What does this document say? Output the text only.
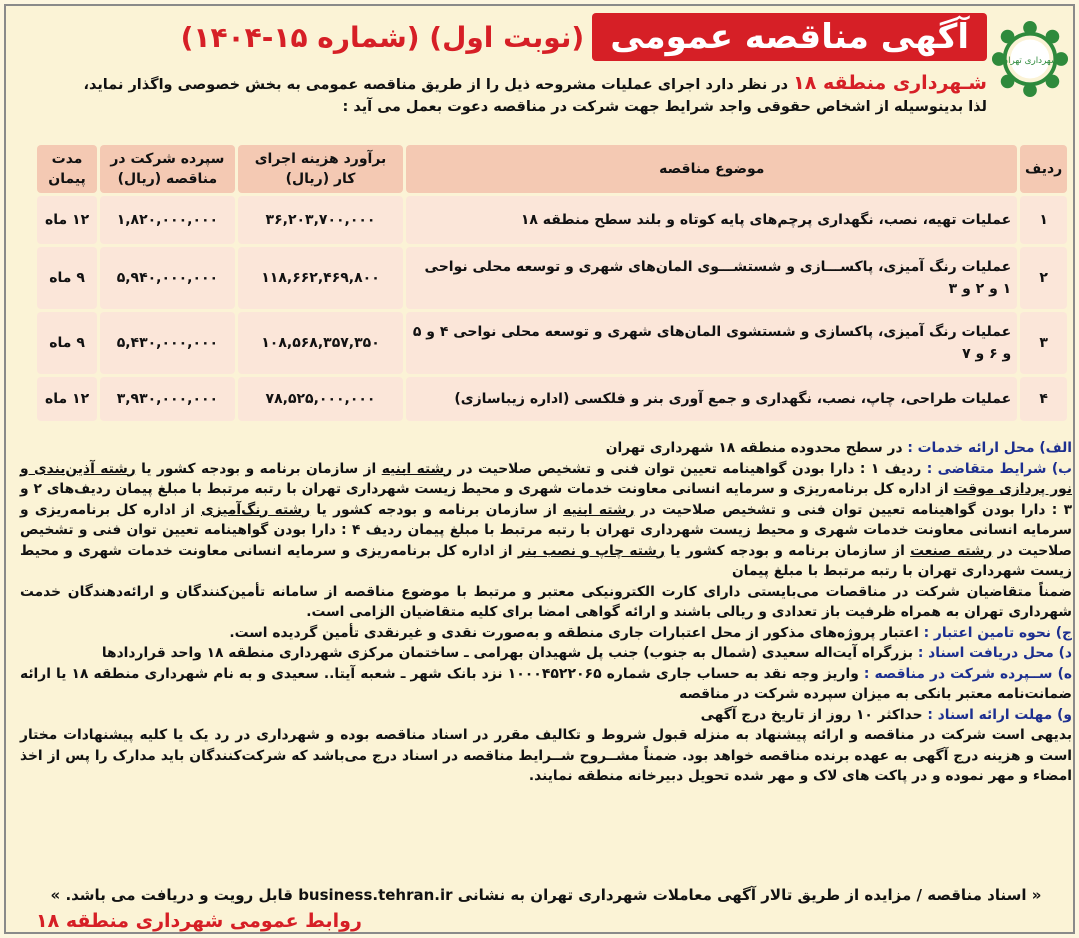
شهرداری تهران
آگهی مناقصه عمومی
(شماره ۱۵-۱۴۰۴) (نوبت اول)
شـهرداری منطقه ۱۸ در نظر دارد اجرای عملیات مشروحه ذیل را از طریق مناقصه عمومی به بخش خصوصی واگذار نماید،
لذا بدینوسیله از اشخاص حقوقی واجد شرایط جهت شرکت در مناقصه دعوت بعمل می آید :
ردیف	موضوع مناقصه	برآورد هزینه اجرای کار (ریال)	سپرده شرکت در مناقصه (ریال)	مدت پیمان
۱	عملیات تهیه، نصب، نگهداری پرچم‌های پایه کوتاه و بلند سطح منطقه ۱۸	۳۶,۲۰۳,۷۰۰,۰۰۰	۱,۸۲۰,۰۰۰,۰۰۰	۱۲ ماه
۲	عملیات رنگ آمیزی، پاکســـازی و شستشـــوی المان‌های شهری و توسعه محلی نواحی ۱ و ۲ و ۳	۱۱۸,۶۶۲,۴۶۹,۸۰۰	۵,۹۴۰,۰۰۰,۰۰۰	۹ ماه
۳	عملیات رنگ آمیزی، پاکسازی و شستشوی المان‌های شهری و توسعه محلی نواحی ۴ و ۵ و ۶ و ۷	۱۰۸,۵۶۸,۳۵۷,۳۵۰	۵,۴۳۰,۰۰۰,۰۰۰	۹ ماه
۴	عملیات طراحی، چاپ، نصب، نگهداری و جمع آوری بنر و فلکسی (اداره زیباسازی)	۷۸,۵۲۵,۰۰۰,۰۰۰	۳,۹۳۰,۰۰۰,۰۰۰	۱۲ ماه

الف) محل ارائه خدمات : در سطح محدوده منطقه ۱۸ شهرداری تهران

ب) شرایط متقاضی : ردیف ۱ : دارا بودن گواهینامه تعیین توان فنی و تشخیص صلاحیت در رشته ابنیه از سازمان برنامه و بودجه کشور یا رشته آذین‌بندی و نور پردازی موقت از اداره کل برنامه‌ریزی و سرمایه انسانی معاونت خدمات شهری و محیط زیست شهرداری تهران با رتبه مرتبط با مبلغ پیمان ردیف‌های ۲ و ۳ : دارا بودن گواهینامه تعیین توان فنی و تشخیص صلاحیت در رشته ابنیه از سازمان برنامه و بودجه کشور یا رشته رنگ‌آمیزی از اداره کل برنامه‌ریزی و سرمایه انسانی معاونت خدمات شهری و محیط زیست شهرداری تهران با رتبه مرتبط با مبلغ پیمان ردیف ۴ : دارا بودن گواهینامه تعیین توان فنی و تشخیص صلاحیت در رشته صنعت از سازمان برنامه و بودجه کشور یا رشته چاپ و نصب بنر از اداره کل برنامه‌ریزی و سرمایه انسانی معاونت خدمات شهری و محیط زیست شهرداری تهران با رتبه مرتبط با مبلغ پیمان

ضمناً متقاضیان شرکت در مناقصات می‌بایستی دارای کارت الکترونیکی معتبر و مرتبط با موضوع مناقصه از سامانه تأمین‌کنندگان و ارائه‌دهندگان خدمت شهرداری تهران به همراه ظرفیت باز تعدادی و ریالی باشند و ارائه گواهی امضا برای کلیه متقاضیان الزامی است.

ج) نحوه تامین اعتبار : اعتبار پروژه‌های مذکور از محل اعتبارات جاری منطقه و به‌صورت نقدی و غیرنقدی تأمین گردیده است.

د) محل دریافت اسناد : بزرگراه آیت‌اله سعیدی (شمال به جنوب) جنب پل شهیدان بهرامی ـ ساختمان مرکزی شهرداری منطقه ۱۸ واحد قراردادها

ه) ســپرده شرکت در مناقصه : واریز وجه نقد به حساب جاری شماره ۱۰۰۰۴۵۲۲۰۶۵ نزد بانک شهر ـ شعبه آیتا.. سعیدی و به نام شهرداری منطقه ۱۸ یا ارائه ضمانت‌نامه معتبر بانکی به میزان سپرده شرکت در مناقصه

و) مهلت ارائه اسناد : حداکثر ۱۰ روز از تاریخ درج آگهی

بدیهی است شرکت در مناقصه و ارائه پیشنهاد به منزله قبول شروط و تکالیف مقرر در اسناد مناقصه بوده و شهرداری در رد یک یا کلیه پیشنهادات مختار است و هزینه درج آگهی به عهده برنده مناقصه خواهد بود. ضمناً مشــروح شــرایط مناقصه در اسناد درج می‌باشد که شرکت‌کنندگان باید مدارک را پس از اخذ امضاء و مهر نموده و در پاکت های لاک و مهر شده تحویل دبیرخانه منطقه نمایند.

« اسناد مناقصه / مزایده از طریق تالار آگهی معاملات شهرداری تهران به نشانی business.tehran.ir قابل رویت و دریافت می باشد. »
روابط عمومی شهرداری منطقه ۱۸
